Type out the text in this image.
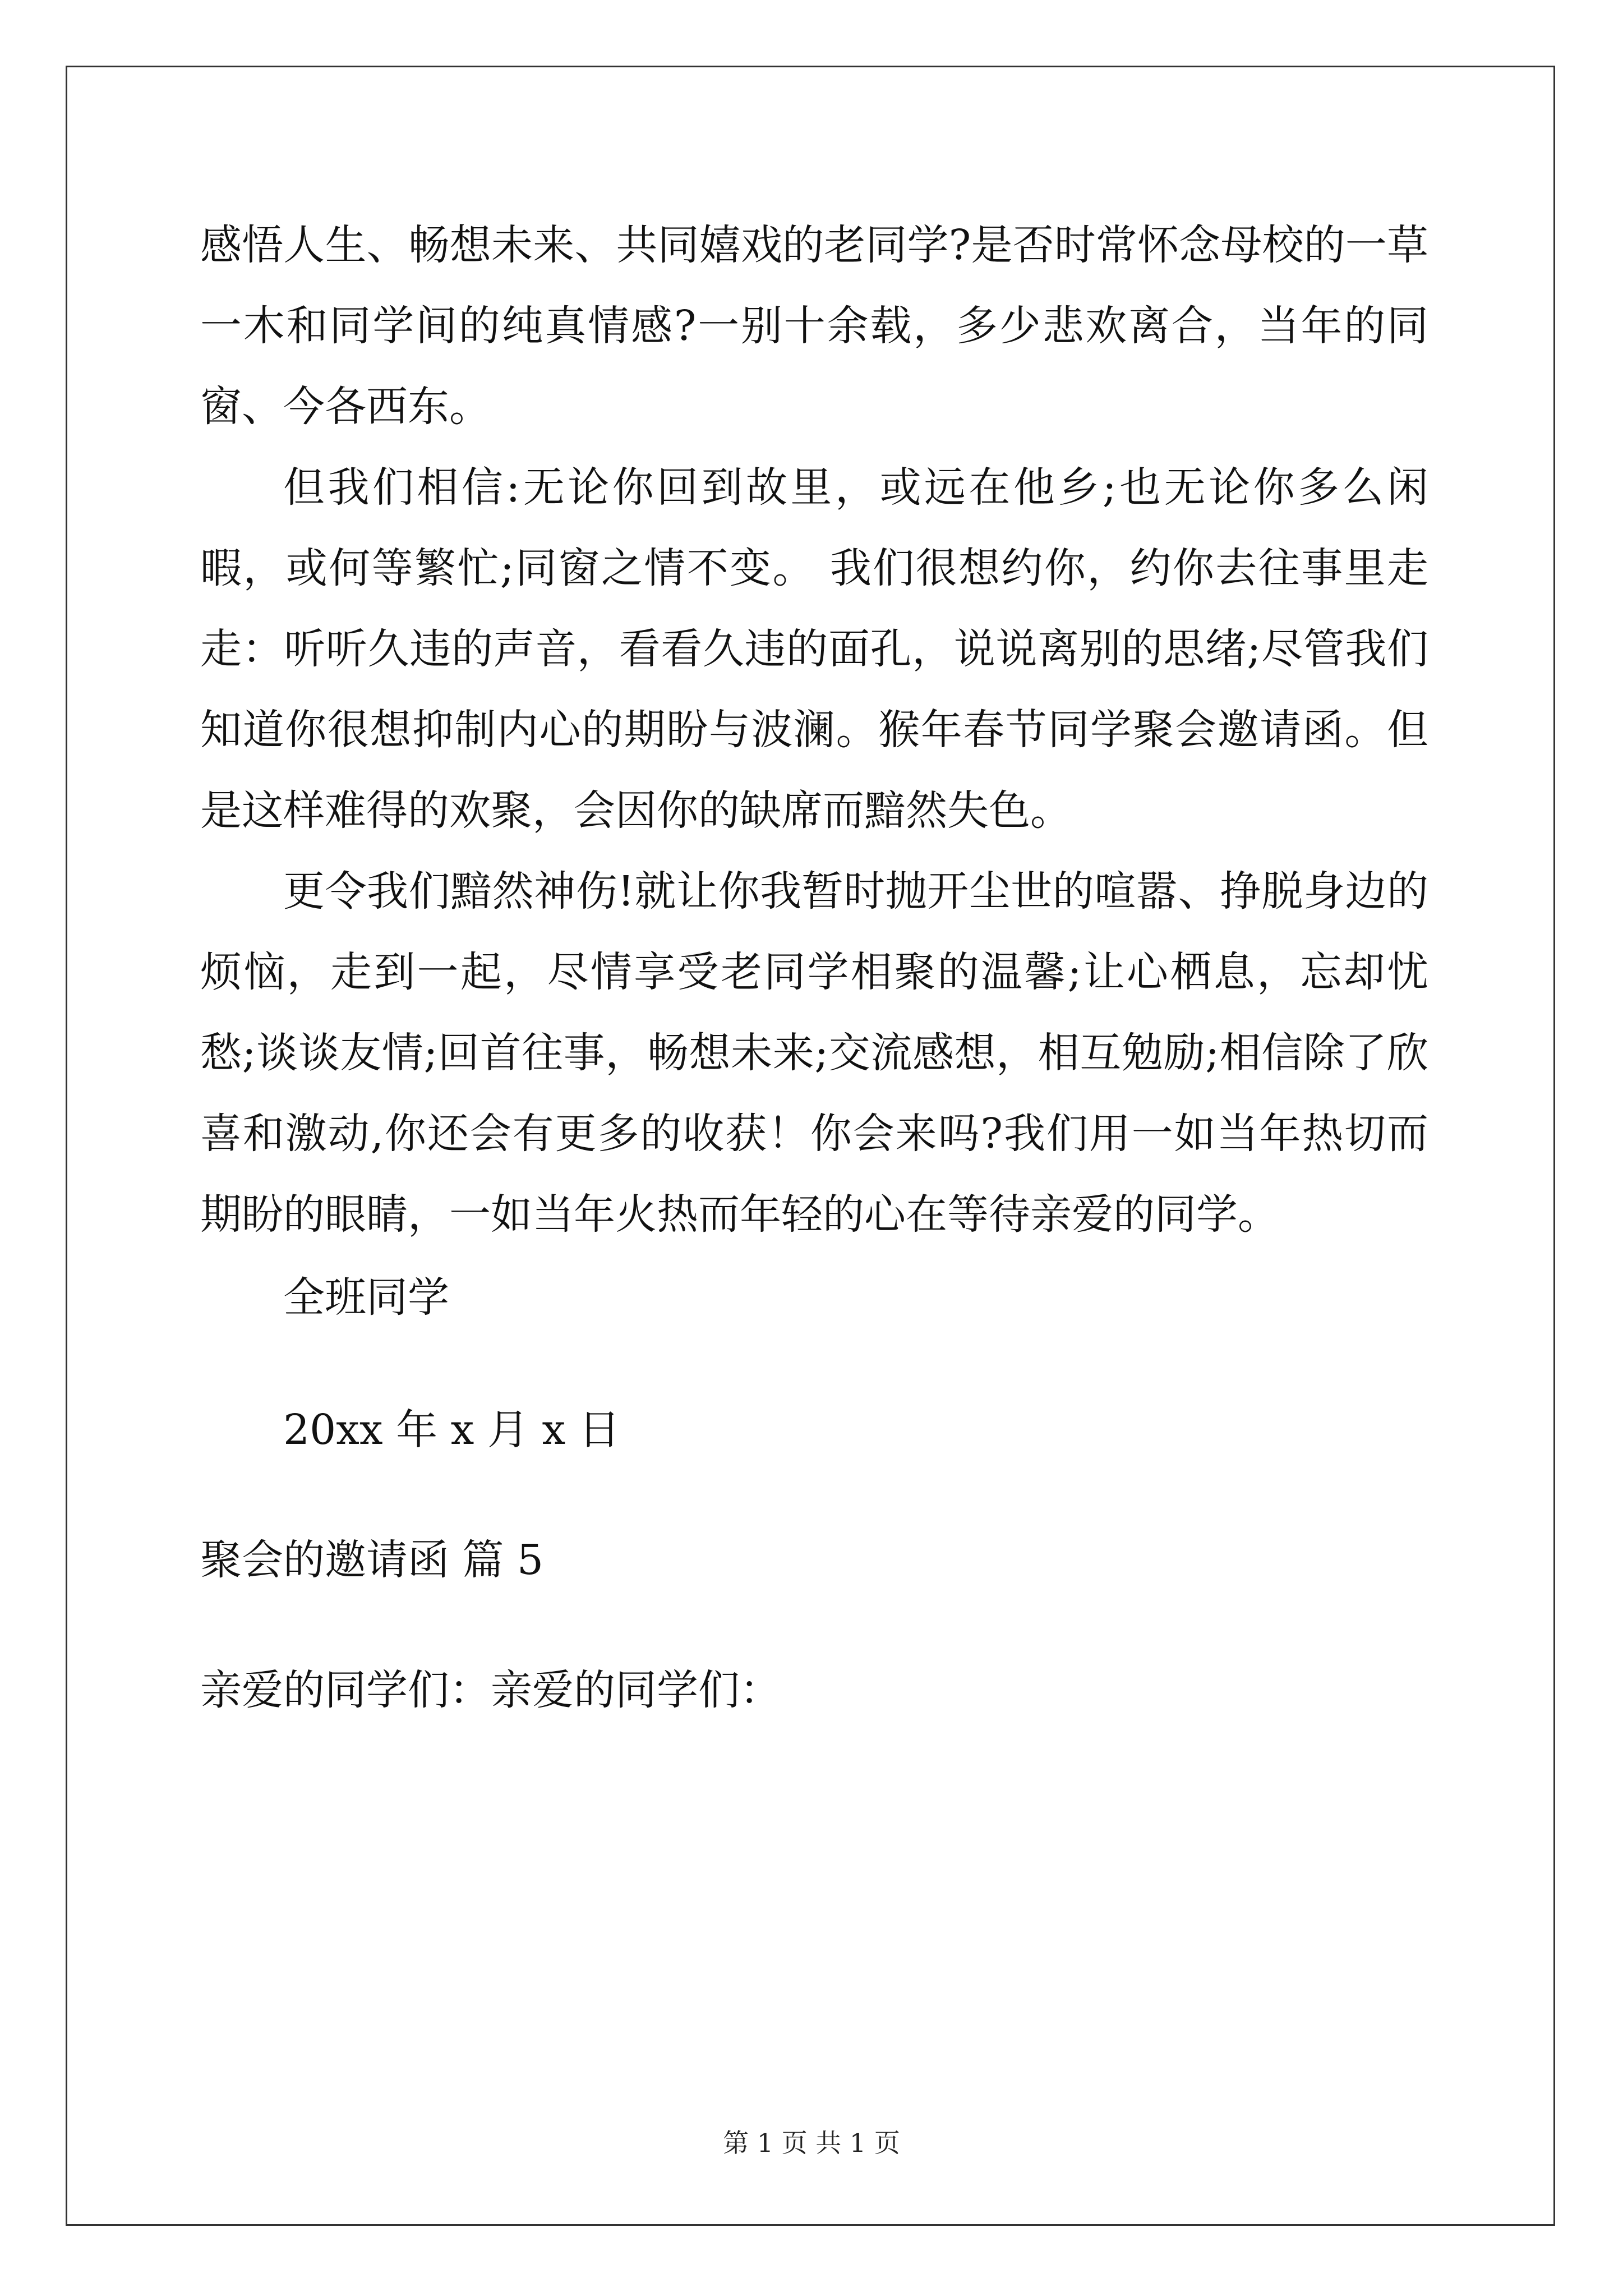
感悟人生、畅想未来、共同嬉戏的老同学?是否时常怀念母校的一草一木和同学间的纯真情感?一别十余载，多少悲欢离合，当年的同窗、今各西东。

但我们相信:无论你回到故里，或远在他乡;也无论你多么闲暇，或何等繁忙;同窗之情不变。 我们很想约你，约你去往事里走走：听听久违的声音，看看久违的面孔，说说离别的思绪;尽管我们知道你很想抑制内心的期盼与波澜。猴年春节同学聚会邀请函。但是这样难得的欢聚，会因你的缺席而黯然失色。

更令我们黯然神伤!就让你我暂时抛开尘世的喧嚣、挣脱身边的烦恼，走到一起，尽情享受老同学相聚的温馨;让心栖息，忘却忧愁;谈谈友情;回首往事，畅想未来;交流感想，相互勉励;相信除了欣喜和激动,你还会有更多的收获！你会来吗?我们用一如当年热切而期盼的眼睛，一如当年火热而年轻的心在等待亲爱的同学。

全班同学

20xx 年 x 月 x 日

聚会的邀请函 篇 5

亲爱的同学们：亲爱的同学们：

第 1 页 共 1 页
